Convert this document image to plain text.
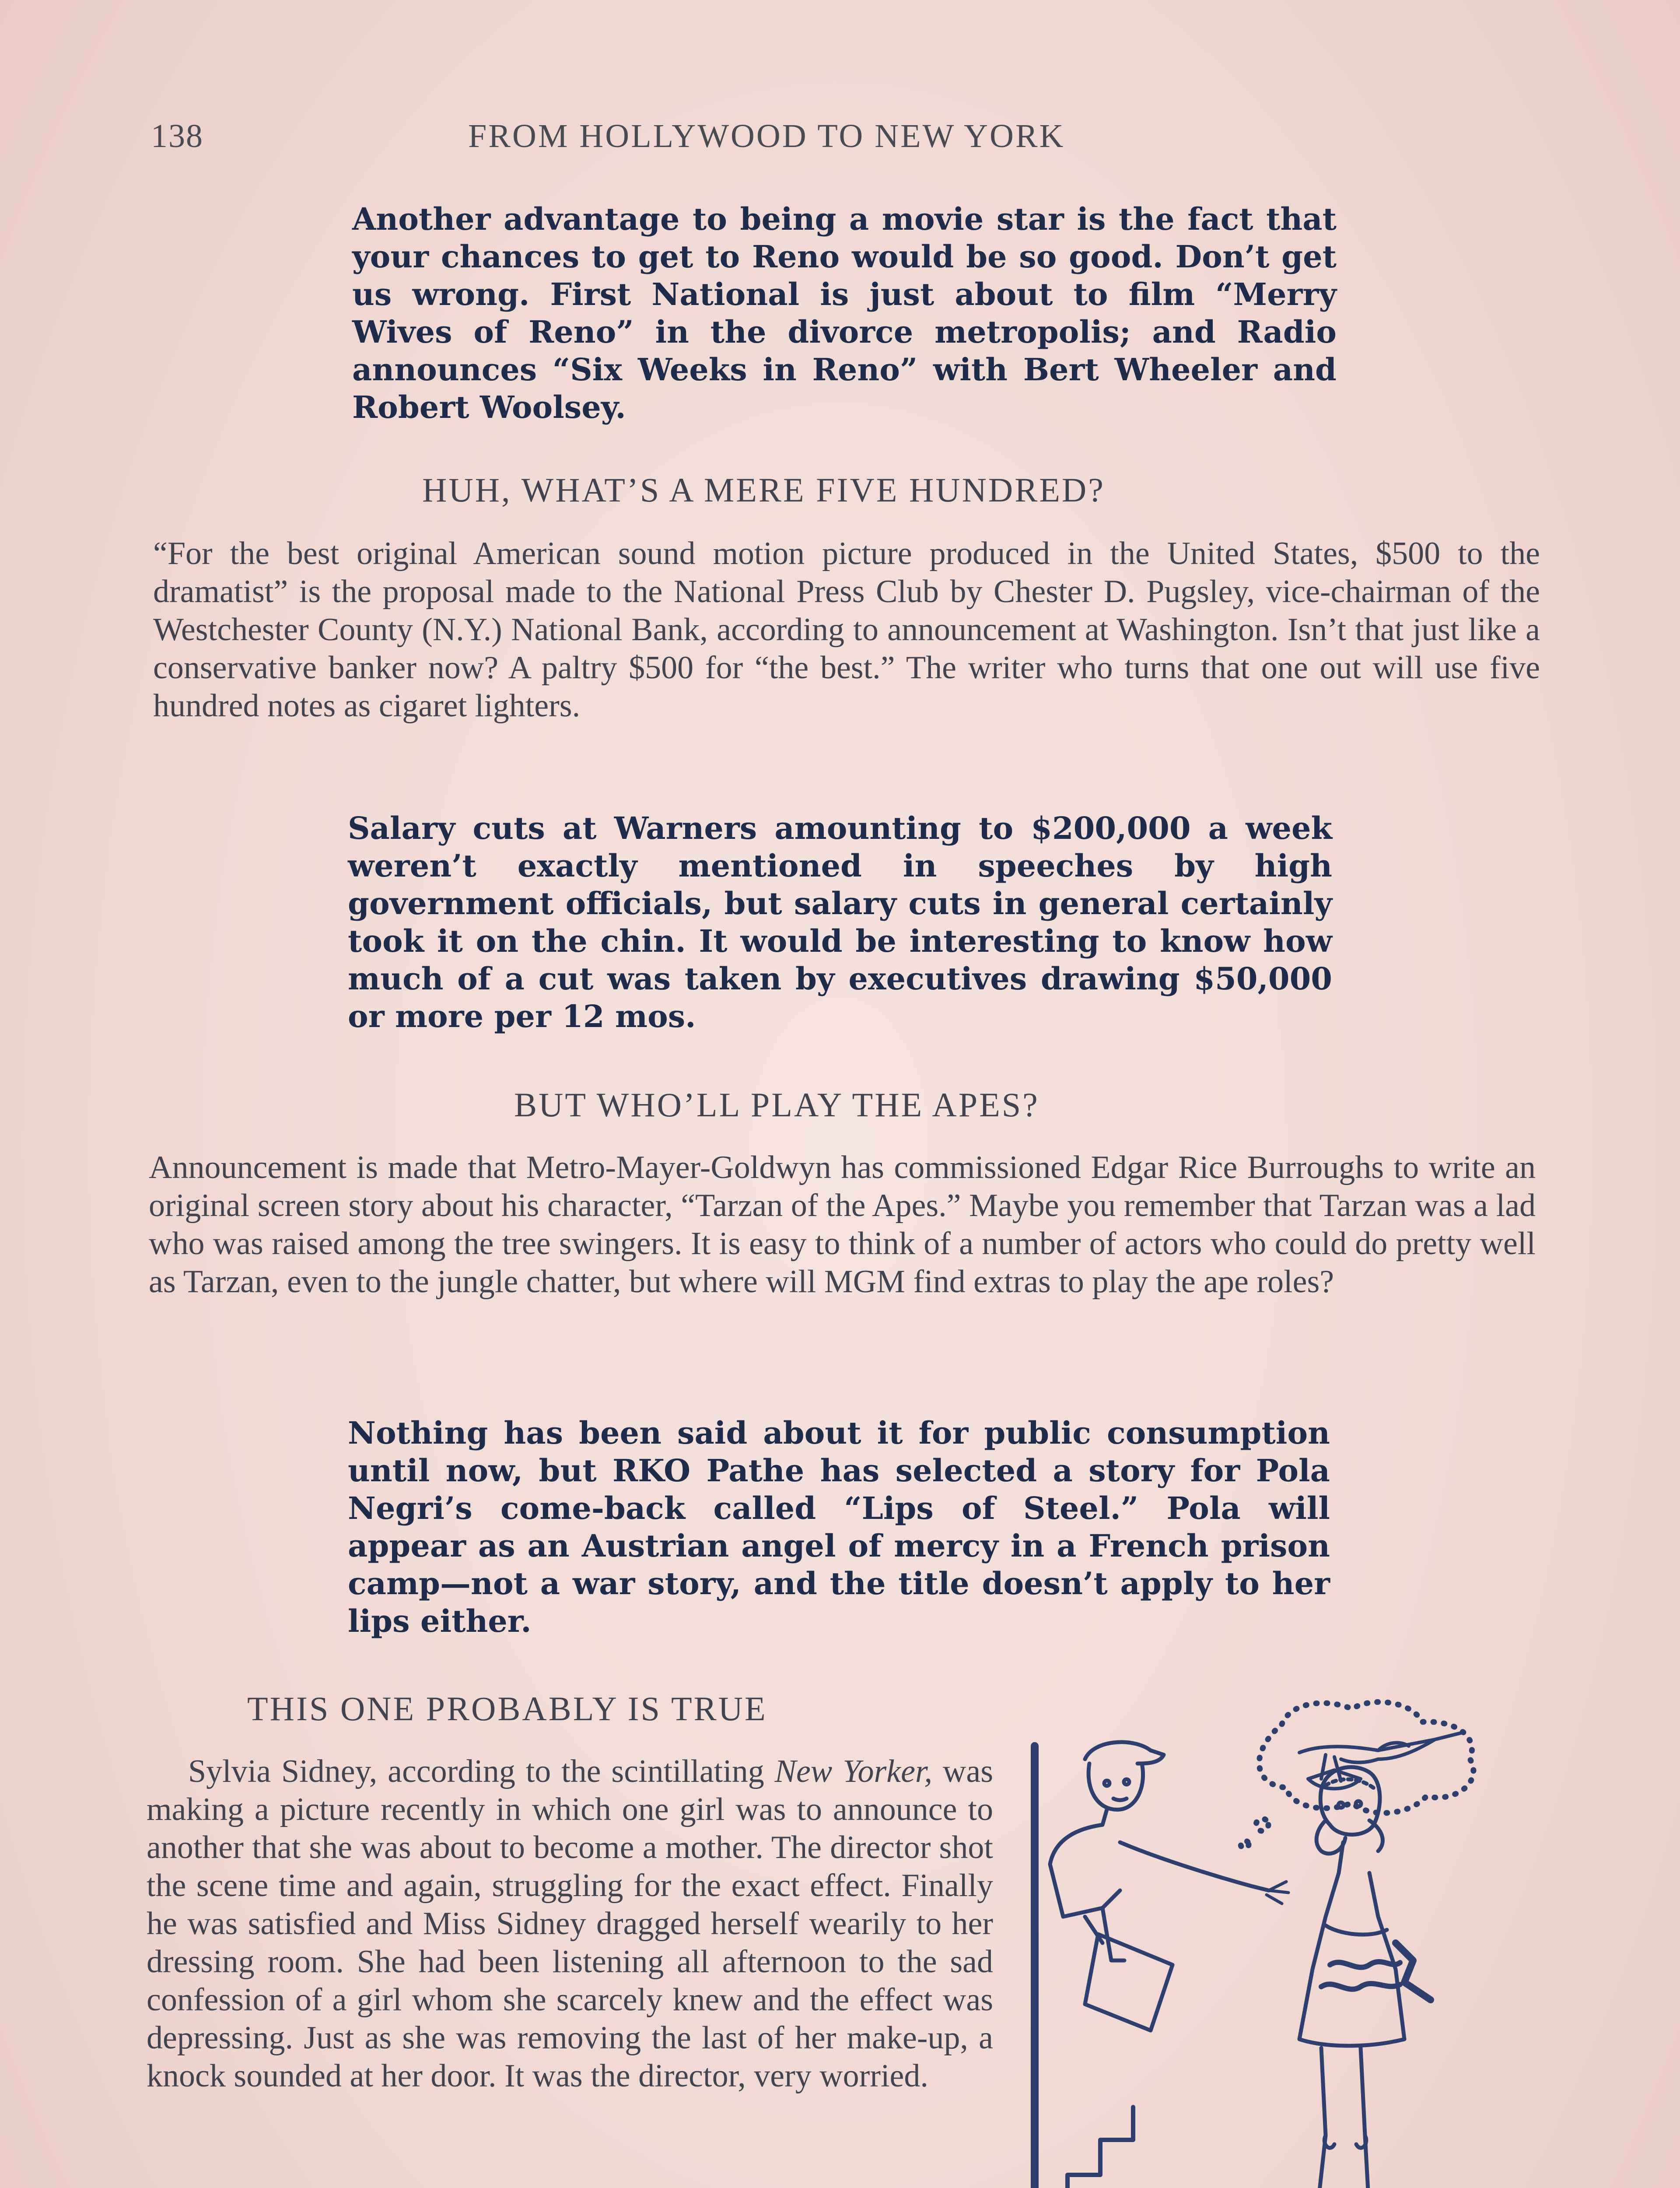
138	FROM HOLLYWOOD TO NEW YORK
Another advantage to being a movie star is the fact that your chances to get to Reno would be so good. Don’t get us wrong. First National is just about to film “Merry Wives of Reno” in the divorce metropolis; and Radio announces “Six Weeks in Reno” with Bert Wheeler and Robert Woolsey.
HUH, WHAT’S A MERE FIVE HUNDRED?

“For the best original American sound motion picture produced in the United States, $500 to the dramatist” is the proposal made to the National Press Club by Chester D. Pugsley, vice-chairman of the Westchester County (N.Y.) National Bank, according to announcement at Washington. Isn’t that just like a conservative banker now? A paltry $500 for “the best.” The writer who turns that one out will use five hundred notes as cigaret lighters.

Salary cuts at Warners amounting to $200,000 a week weren’t exactly mentioned in speeches by high government officials, but salary cuts in general certainly took it on the chin. It would be interesting to know how much of a cut was taken by executives drawing $50,000 or more per 12 mos.
BUT WHO’LL PLAY THE APES?

Announcement is made that Metro-Mayer-Goldwyn has commissioned Edgar Rice Burroughs to write an original screen story about his character, “Tarzan of the Apes.” Maybe you remember that Tarzan was a lad who was raised among the tree swingers. It is easy to think of a number of actors who could do pretty well as Tarzan, even to the jungle chatter, but where will MGM find extras to play the ape roles?

Nothing has been said about it for public consumption until now, but RKO Pathe has selected a story for Pola Negri’s come-back called “Lips of Steel.” Pola will appear as an Austrian angel of mercy in a French prison camp—not a war story, and the title doesn’t apply to her lips either.
THIS ONE PROBABLY IS TRUE

Sylvia Sidney, according to the scintillating New Yorker, was making a picture recently in which one girl was to announce to another that she was about to become a mother. The director shot the scene time and again, struggling for the exact effect. Finally he was satisfied and Miss Sidney dragged herself wearily to her dressing room. She had been listening all afternoon to the sad confession of a girl whom she scarcely knew and the effect was depressing. Just as she was removing the last of her make-up, a knock sounded at her door. It was the director, very worried.
